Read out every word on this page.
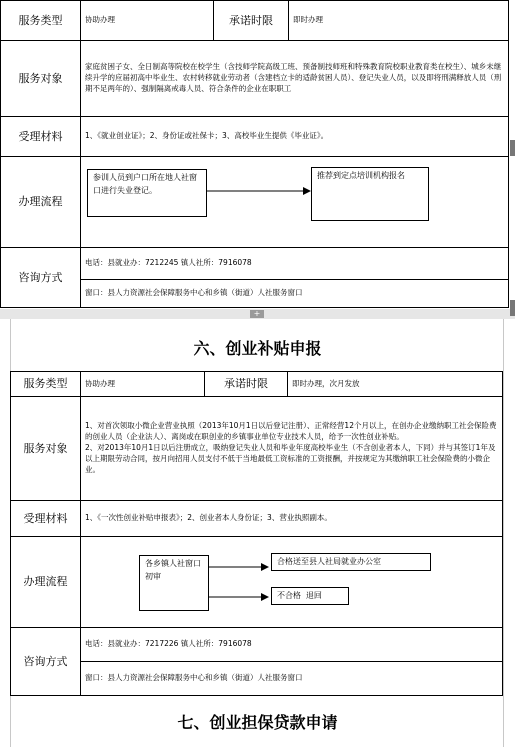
服务类型	协助办理	承诺时限	即时办理
服务对象	家庭贫困子女、全日制高等院校在校学生（含技师学院高级工班、预备制技师班和特殊教育院校职业教育类在校生）、城乡未继续升学的应届初高中毕业生、农村转移就业劳动者（含建档立卡的适龄贫困人员）、登记失业人员，以及即将刑满释放人员（刑期不足两年的）、强制隔离戒毒人员、符合条件的企业在职职工		
受理材料	1、《就业创业证》；2、身份证或社保卡；3、高校毕业生提供《毕业证》。		
办理流程	参训人员到户口所在地人社窗口进行失业登记。
推荐到定点培训机构报名		

咨询方式	电话：县就业办：7212245 镇人社所：7916078
窗口：县人力资源社会保障服务中心和乡镇（街道）人社服务窗口		
+
六、创业补贴申报
服务类型	协助办理	承诺时限	即时办理，次月发放
服务对象	1、对首次领取小微企业营业执照（2013年10月1日以后登记注册）、正常经营12个月以上，在创办企业缴纳职工社会保险费的创业人员（企业法人）、离岗或在职创业的乡镇事业单位专业技术人员，给予一次性创业补贴。
2、对2013年10月1日以后注册成立，吸纳登记失业人员和毕业年度高校毕业生（不含创业者本人，下同）并与其签订1年及以上期限劳动合同，按月向招用人员支付不低于当地最低工资标准的工资报酬，并按规定为其缴纳职工社会保险费的小微企业。		

受理材料	1、《一次性创业补贴申报表》；2、创业者本人身份证；3、营业执照副本。		
办理流程	各乡镇人社窗口初审
合格送至县人社局就业办公室
不合格 退回		

咨询方式	电话：县就业办：7217226 镇人社所：7916078
窗口：县人力资源社会保障服务中心和乡镇（街道）人社服务窗口		
七、创业担保贷款申请
